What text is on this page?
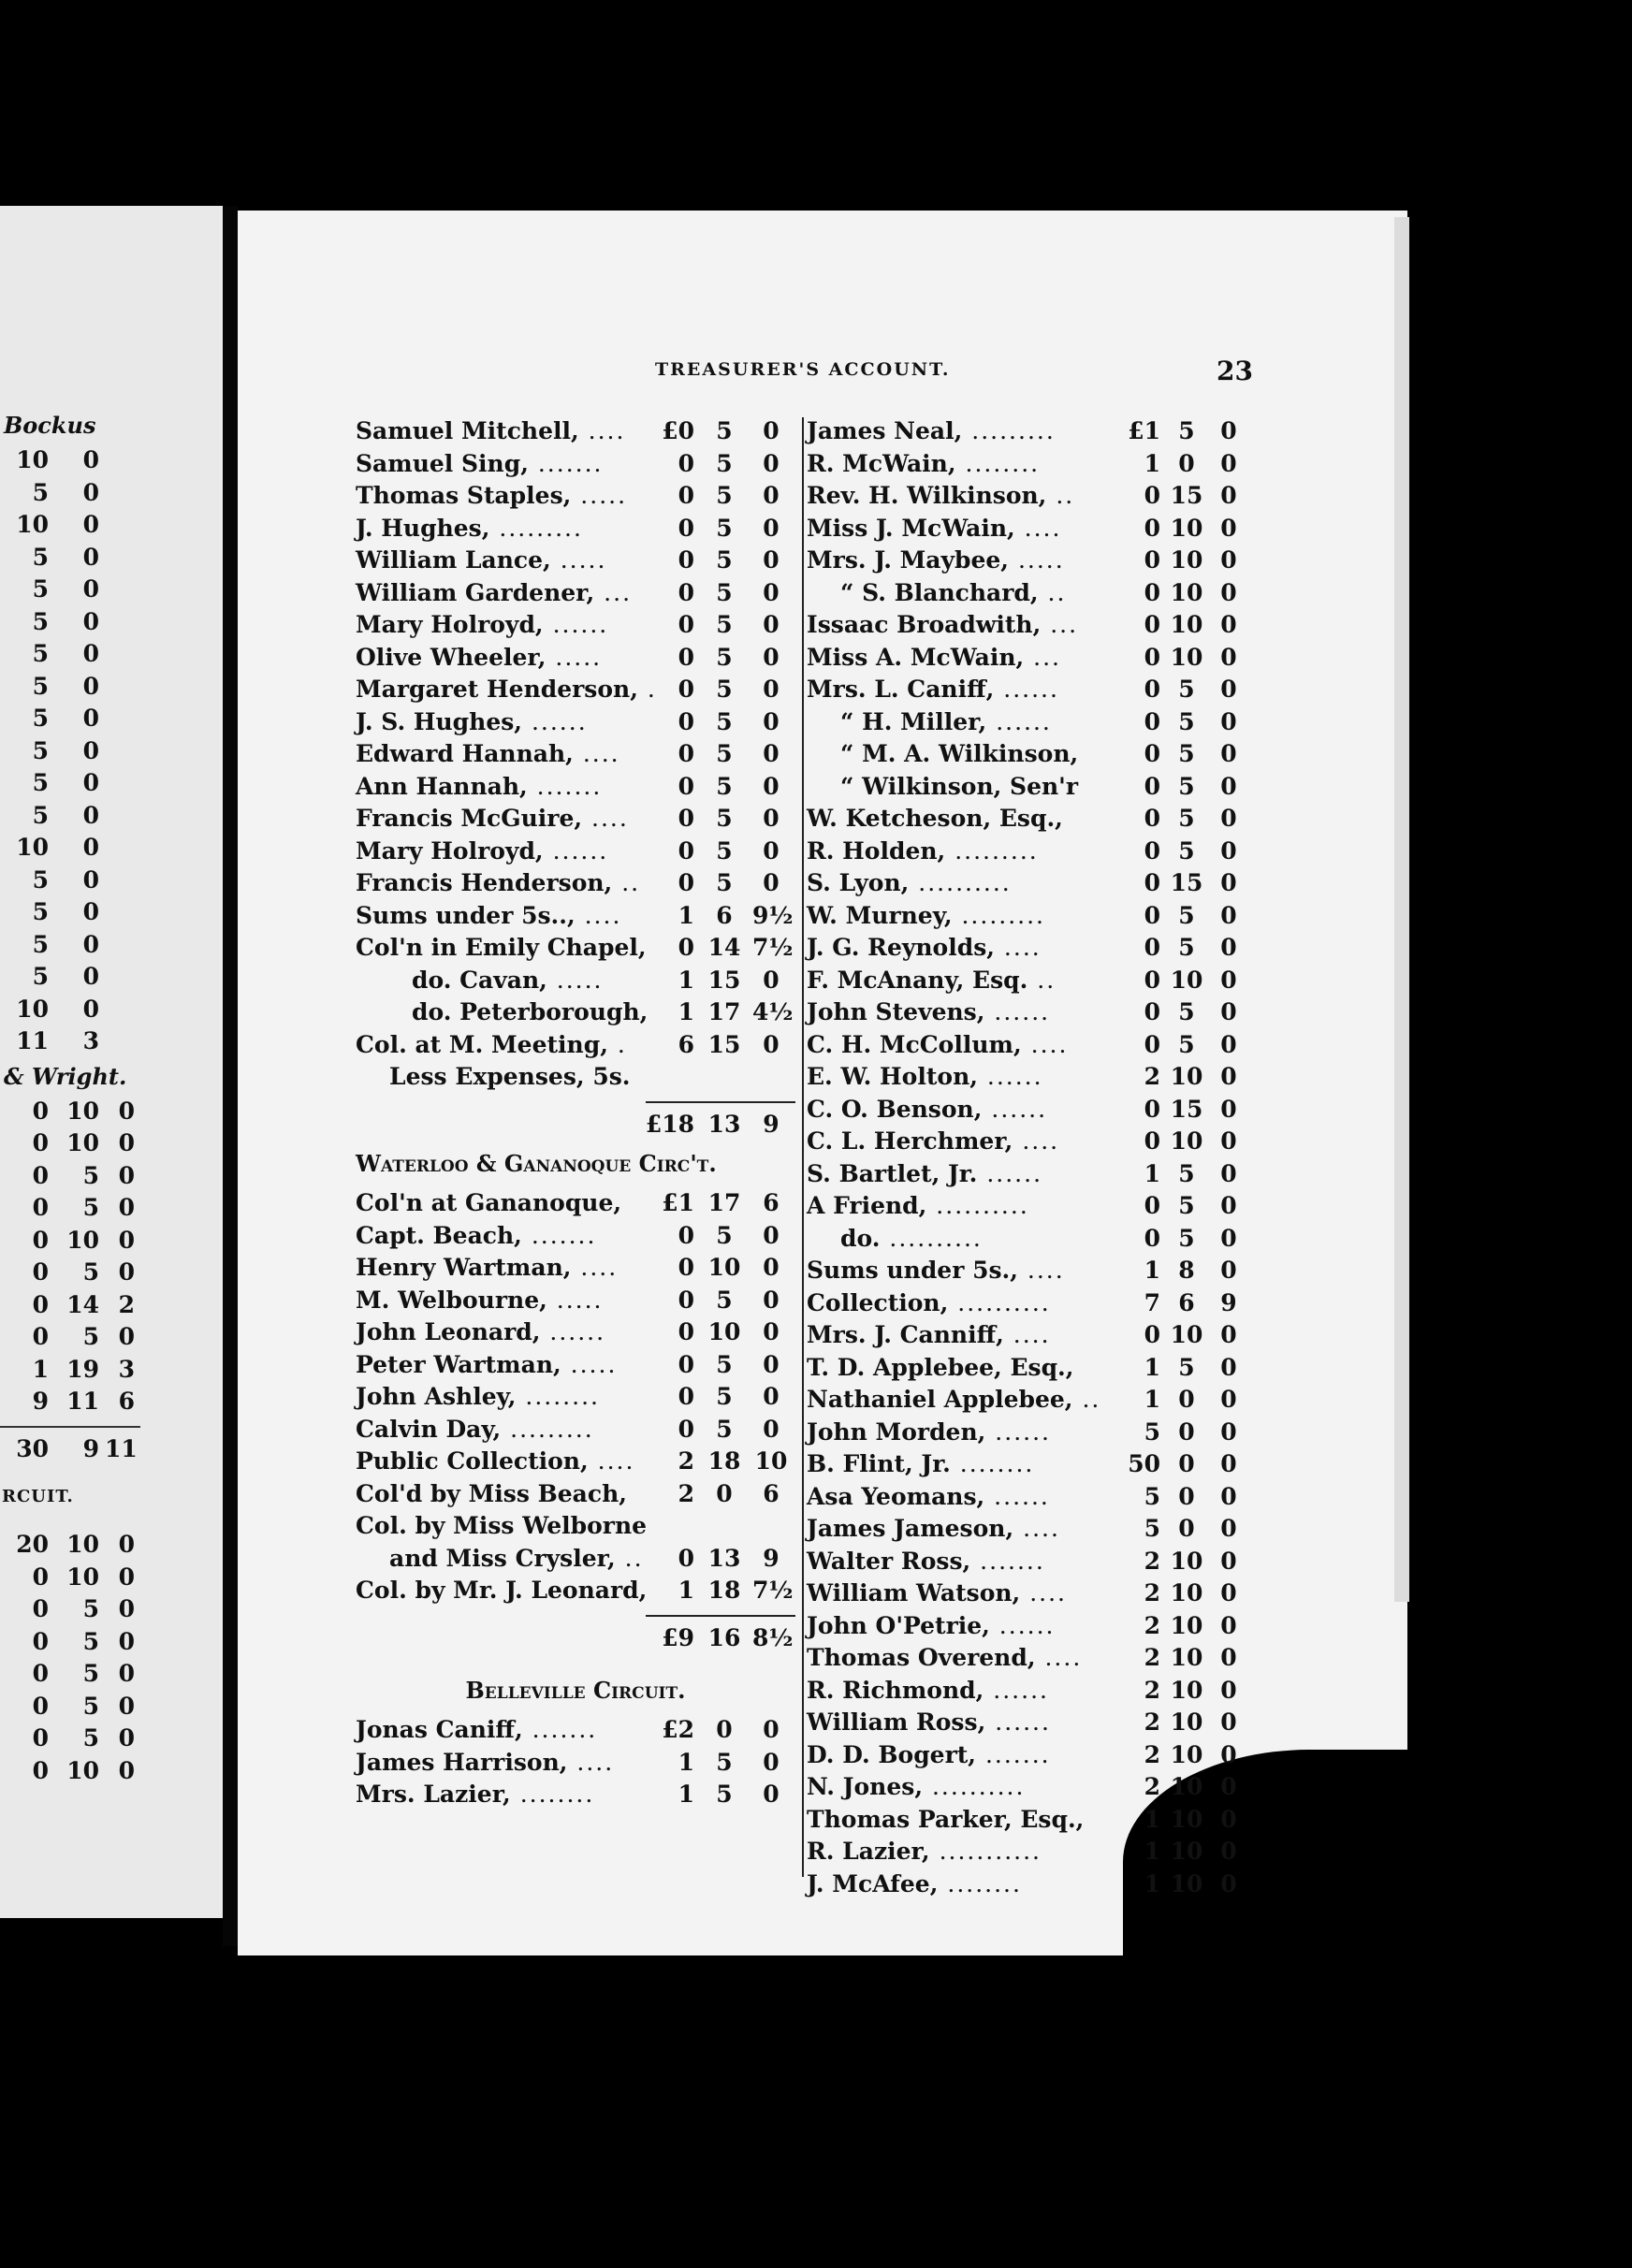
Bockus
10	0
5	0
10	0
5	0
5	0
5	0
5	0
5	0
5	0
5	0
5	0
5	0
10	0
5	0
5	0
5	0
5	0
10	0
11	3
& Wright.
0 10 0
0 10 0
0	5 0
0	5 0
0 10 0
0	5 0
0 14 2
0	5 0
1 19 3
9 11 6
30	9 11
RCUIT.
20 10 0
0 10 0
0	5 0
0	5 0
0	5 0
0	5 0
0	5 0
0 10 0
TREASURER'S ACCOUNT.	23
Samuel Mitchell, ....	£0 5	0
Samuel Sing, .......	0 5	0
Thomas Staples, .....	0 5	0
J. Hughes, .........	0 5	0
William Lance, .....	0 5	0
William Gardener, ...	0 5	0
Mary Holroyd, ......	0 5	0
Olive Wheeler, .....	0 5	0
Margaret Henderson, . 0 5	0
J. S. Hughes, ......	0 5	0
Edward Hannah, ....	0 5	0
Ann Hannah, .......	0 5	0
Francis McGuire, ....	0 5	0
Mary Holroyd, ......	0 5	0
Francis Henderson, ..	0 5	0
Sums under 5s.., ....	1 6 9½
Col'n in Emily Chapel,	0 14 7½
do. Cavan, .....	1 15 0
do. Peterborough,	1 17 4½
Col. at M. Meeting, .	6 15 0
Less Expenses, 5s.
£18 13 9
Waterloo & Gananoque Circ't.
Col'n at Gananoque,	£1 17 6
Capt. Beach, .......	0 5	0
Henry Wartman, ....	0 10 0
M. Welbourne, .....	0 5	0
John Leonard, ......	0 10 0
Peter Wartman, .....	0 5	0
John Ashley, ........	0 5	0
Calvin Day, .........	0 5	0
Public Collection, ....	2 18 10
Col'd by Miss Beach,	2 0	6
Col. by Miss Welborne
and Miss Crysler, ..	0 13 9
Col. by Mr. J. Leonard,	1 18 7½
£9 16 8½
Belleville Circuit.
Jonas Caniff, .......	£2 0	0
James Harrison, ....	1 5	0
Mrs. Lazier, ........	1 5	0
James Neal, .........	£1 5	0
R. McWain, ........	1 0	0
Rev. H. Wilkinson, ..	0 15 0
Miss J. McWain, ....	0 10 0
Mrs. J. Maybee, .....	0 10 0
“ S. Blanchard, ..	0 10 0
Issaac Broadwith, ...	0 10 0
Miss A. McWain, ...	0 10 0
Mrs. L. Caniff, ......	0 5	0
“ H. Miller, ......	0 5	0
“ M. A. Wilkinson,	0 5	0
“ Wilkinson, Sen'r	0 5	0
W. Ketcheson, Esq.,	0 5	0
R. Holden, .........	0 5	0
S. Lyon, ..........	0 15 0
W. Murney, .........	0 5	0
J. G. Reynolds, ....	0 5	0
F. McAnany, Esq. ..	0 10 0
John Stevens, ......	0 5	0
C. H. McCollum, ....	0 5	0
E. W. Holton, ......	2 10 0
C. O. Benson, ......	0 15 0
C. L. Herchmer, ....	0 10 0
S. Bartlet, Jr. ......	1 5	0
A Friend, ..........	0 5	0
do. ..........	0 5	0
Sums under 5s., ....	1 8	0
Collection, ..........	7 6	9
Mrs. J. Canniff, ....	0 10 0
T. D. Applebee, Esq.,	1 5	0
Nathaniel Applebee, ..	1 0	0
John Morden, ......	5 0	0
B. Flint, Jr. ........	50 0	0
Asa Yeomans, ......	5 0	0
James Jameson, ....	5 0	0
Walter Ross, .......	2 10 0
William Watson, ....	2 10 0
John O'Petrie, ......	2 10 0
Thomas Overend, ....	2 10 0
R. Richmond, ......	2 10 0
William Ross, ......	2 10 0
D. D. Bogert, .......	2 10 0
N. Jones, ..........	2 10 0
Thomas Parker, Esq.,	1 10 0
R. Lazier, ...........	1 10 0
J. McAfee, ........	1 10 0
